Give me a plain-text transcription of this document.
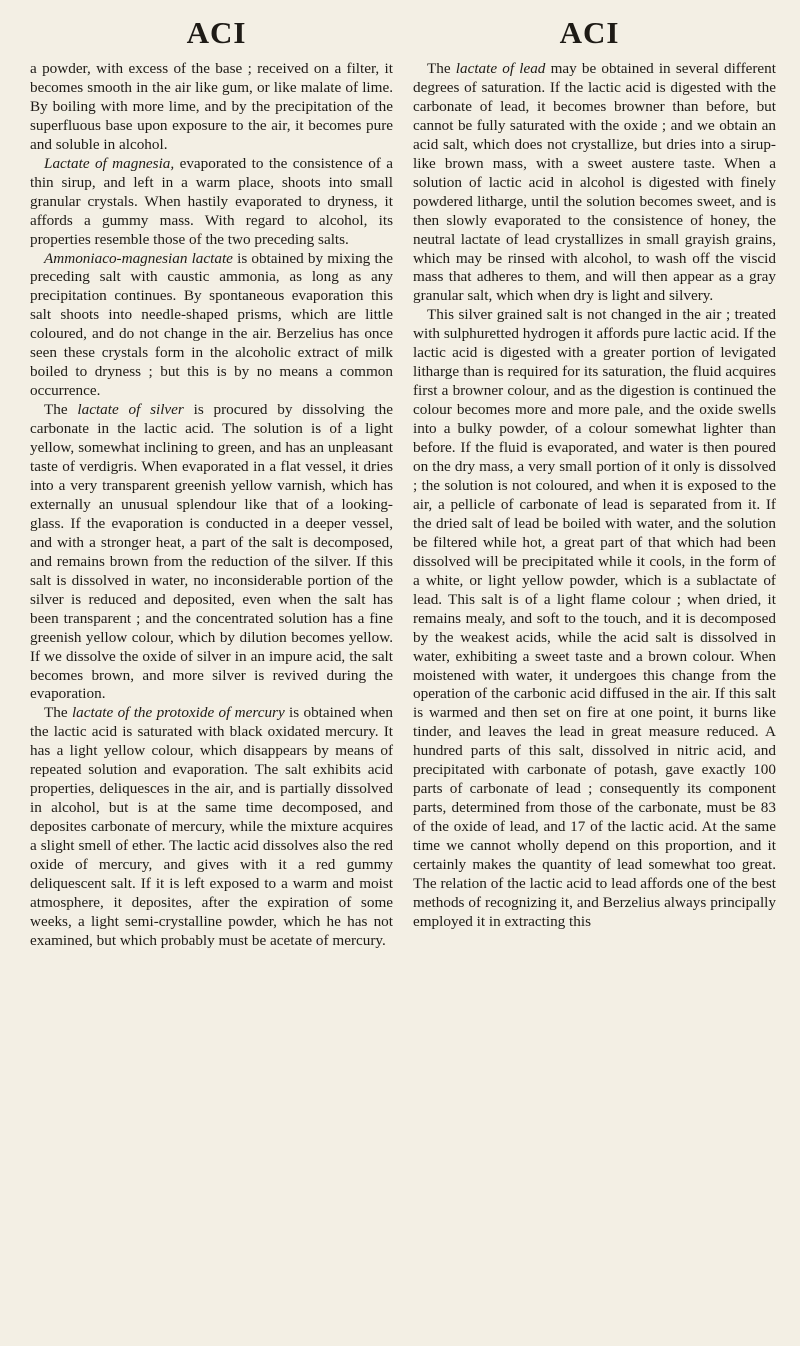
ACI	ACI

a powder, with excess of the base ; received on a filter, it becomes smooth in the air like gum, or like malate of lime. By boiling with more lime, and by the precipitation of the superfluous base upon exposure to the air, it becomes pure and soluble in alcohol.

Lactate of magnesia, evaporated to the consistence of a thin sirup, and left in a warm place, shoots into small granular crystals. When hastily evaporated to dryness, it affords a gummy mass. With regard to alcohol, its properties resemble those of the two preceding salts.

Ammoniaco-magnesian lactate is obtained by mixing the preceding salt with caustic ammonia, as long as any precipitation continues. By spontaneous evaporation this salt shoots into needle-shaped prisms, which are little coloured, and do not change in the air. Berzelius has once seen these crystals form in the alcoholic extract of milk boiled to dryness ; but this is by no means a common occurrence.

The lactate of silver is procured by dissolving the carbonate in the lactic acid. The solution is of a light yellow, somewhat inclining to green, and has an unpleasant taste of verdigris. When evaporated in a flat vessel, it dries into a very transparent greenish yellow varnish, which has externally an unusual splendour like that of a looking-glass. If the evaporation is conducted in a deeper vessel, and with a stronger heat, a part of the salt is decomposed, and remains brown from the reduction of the silver. If this salt is dissolved in water, no inconsiderable portion of the silver is reduced and deposited, even when the salt has been transparent ; and the concentrated solution has a fine greenish yellow colour, which by dilution becomes yellow. If we dissolve the oxide of silver in an impure acid, the salt becomes brown, and more silver is revived during the evaporation.

The lactate of the protoxide of mercury is obtained when the lactic acid is saturated with black oxidated mercury. It has a light yellow colour, which disappears by means of repeated solution and evaporation. The salt exhibits acid properties, deliquesces in the air, and is partially dissolved in alcohol, but is at the same time decomposed, and deposites carbonate of mercury, while the mixture acquires a slight smell of ether. The lactic acid dissolves also the red oxide of mercury, and gives with it a red gummy deliquescent salt. If it is left exposed to a warm and moist atmosphere, it deposites, after the expiration of some weeks, a light semi-crystalline powder, which he has not examined, but which probably must be acetate of mercury.

The lactate of lead may be obtained in several different degrees of saturation. If the lactic acid is digested with the carbonate of lead, it becomes browner than before, but cannot be fully saturated with the oxide ; and we obtain an acid salt, which does not crystallize, but dries into a sirup-like brown mass, with a sweet austere taste. When a solution of lactic acid in alcohol is digested with finely powdered litharge, until the solution becomes sweet, and is then slowly evaporated to the consistence of honey, the neutral lactate of lead crystallizes in small grayish grains, which may be rinsed with alcohol, to wash off the viscid mass that adheres to them, and will then appear as a gray granular salt, which when dry is light and silvery.

This silver grained salt is not changed in the air ; treated with sulphuretted hydrogen it affords pure lactic acid. If the lactic acid is digested with a greater portion of levigated litharge than is required for its saturation, the fluid acquires first a browner colour, and as the digestion is continued the colour becomes more and more pale, and the oxide swells into a bulky powder, of a colour somewhat lighter than before. If the fluid is evaporated, and water is then poured on the dry mass, a very small portion of it only is dissolved ; the solution is not coloured, and when it is exposed to the air, a pellicle of carbonate of lead is separated from it. If the dried salt of lead be boiled with water, and the solution be filtered while hot, a great part of that which had been dissolved will be precipitated while it cools, in the form of a white, or light yellow powder, which is a sublactate of lead. This salt is of a light flame colour ; when dried, it remains mealy, and soft to the touch, and it is decomposed by the weakest acids, while the acid salt is dissolved in water, exhibiting a sweet taste and a brown colour. When moistened with water, it undergoes this change from the operation of the carbonic acid diffused in the air. If this salt is warmed and then set on fire at one point, it burns like tinder, and leaves the lead in great measure reduced. A hundred parts of this salt, dissolved in nitric acid, and precipitated with carbonate of potash, gave exactly 100 parts of carbonate of lead ; consequently its component parts, determined from those of the carbonate, must be 83 of the oxide of lead, and 17 of the lactic acid. At the same time we cannot wholly depend on this proportion, and it certainly makes the quantity of lead somewhat too great. The relation of the lactic acid to lead affords one of the best methods of recognizing it, and Berzelius always principally employed it in extracting this
